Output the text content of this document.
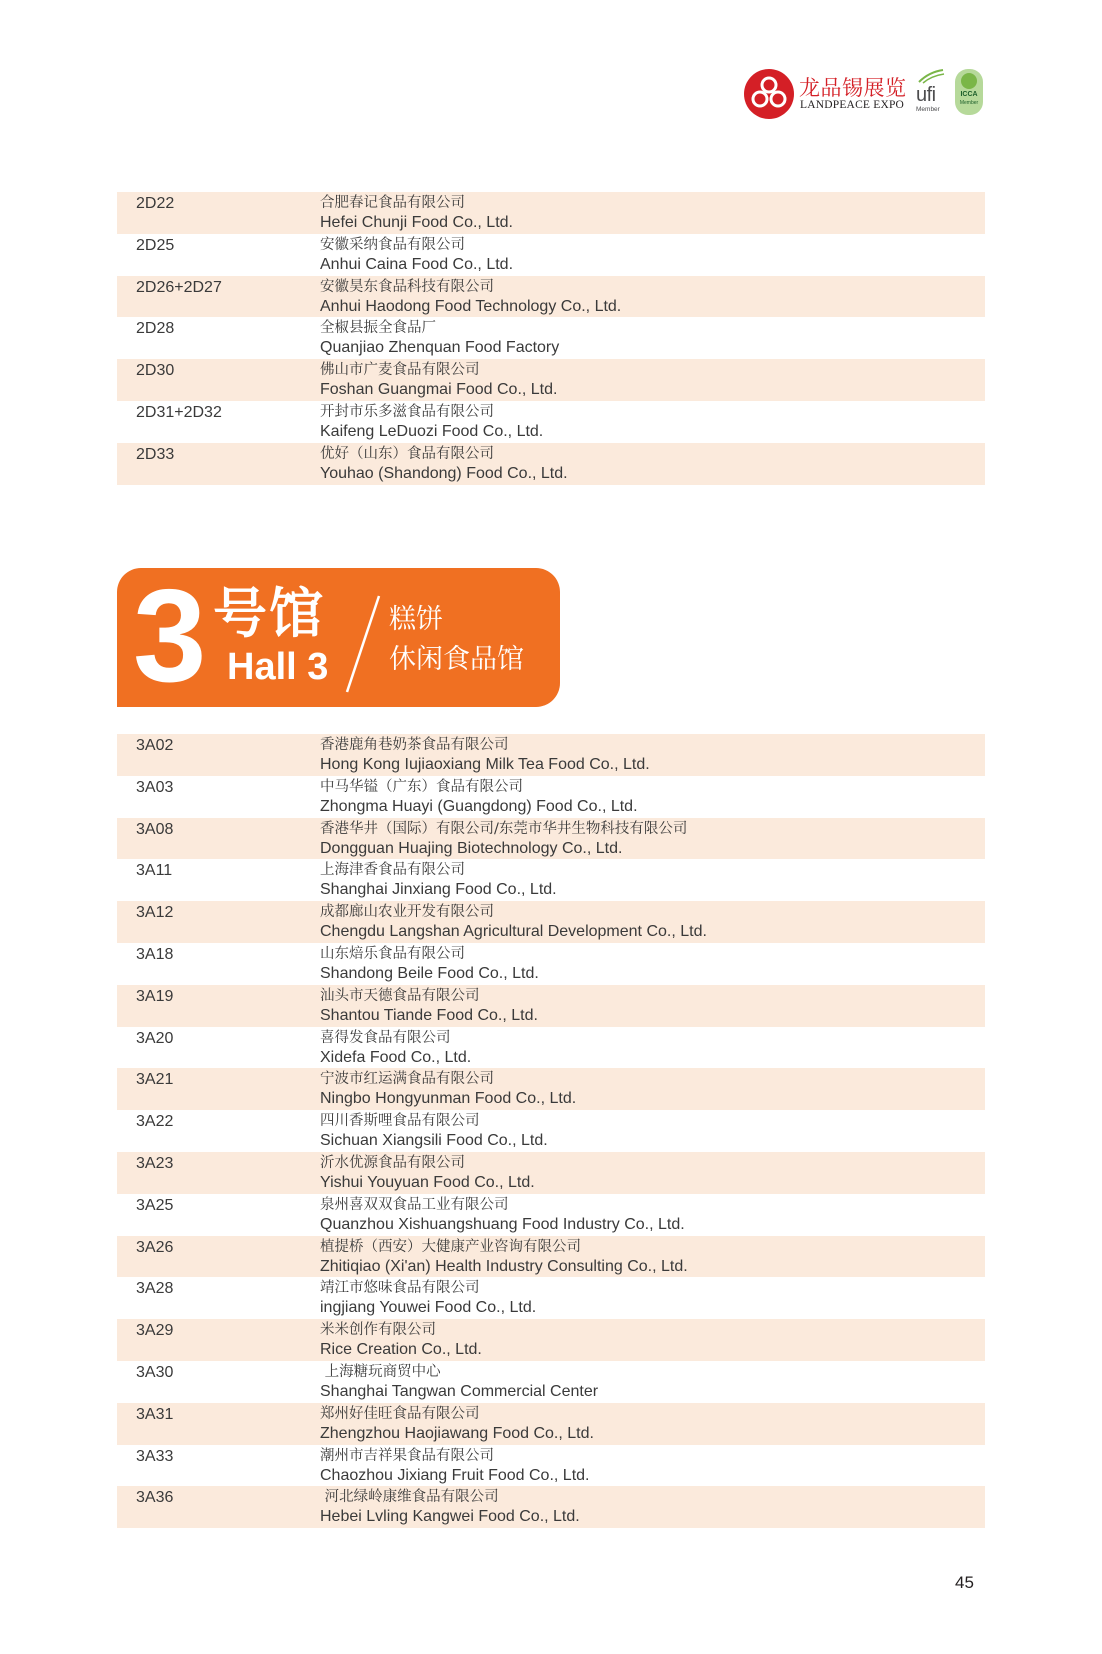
龙品锡展览
LANDPEACE EXPO ufi
Member
ICCA
Member
2D22	合肥春记食品有限公司
Hefei Chunji Food Co., Ltd.
2D25	安徽采纳食品有限公司
Anhui Caina Food Co., Ltd.
2D26+2D27	安徽昊东食品科技有限公司
Anhui Haodong Food Technology Co., Ltd.
2D28	全椒县振全食品厂
Quanjiao Zhenquan Food Factory
2D30	佛山市广麦食品有限公司
Foshan Guangmai Food Co., Ltd.
2D31+2D32	开封市乐多滋食品有限公司
Kaifeng LeDuozi Food Co., Ltd.
2D33	优好（山东）食品有限公司
Youhao (Shandong) Food Co., Ltd.
3 号馆
Hall 3
糕饼
休闲食品馆
3A02	香港鹿角巷奶茶食品有限公司
Hong Kong Iujiaoxiang Milk Tea Food Co., Ltd.
3A03	中马华镒（广东）食品有限公司
Zhongma Huayi (Guangdong) Food Co., Ltd.
3A08	香港华井（国际）有限公司/东莞市华井生物科技有限公司
Dongguan Huajing Biotechnology Co., Ltd.
3A11	上海津香食品有限公司
Shanghai Jinxiang Food Co., Ltd.
3A12	成都廊山农业开发有限公司
Chengdu Langshan Agricultural Development Co., Ltd.
3A18	山东焙乐食品有限公司
Shandong Beile Food Co., Ltd.
3A19	汕头市天德食品有限公司
Shantou Tiande Food Co., Ltd.
3A20	喜得发食品有限公司
Xidefa Food Co., Ltd.
3A21	宁波市红运满食品有限公司
Ningbo Hongyunman Food Co., Ltd.
3A22	四川香斯哩食品有限公司
Sichuan Xiangsili Food Co., Ltd.
3A23	沂水优源食品有限公司
Yishui Youyuan Food Co., Ltd.
3A25	泉州喜双双食品工业有限公司
Quanzhou Xishuangshuang Food Industry Co., Ltd.
3A26	植提桥（西安）大健康产业咨询有限公司
Zhitiqiao (Xi'an) Health Industry Consulting Co., Ltd.
3A28	靖江市悠味食品有限公司
ingjiang Youwei Food Co., Ltd.
3A29	米米创作有限公司
Rice Creation Co., Ltd.
3A30	上海糖玩商贸中心
Shanghai Tangwan Commercial Center
3A31	郑州好佳旺食品有限公司
Zhengzhou Haojiawang Food Co., Ltd.
3A33	潮州市吉祥果食品有限公司
Chaozhou Jixiang Fruit Food Co., Ltd.
3A36	河北绿岭康维食品有限公司
Hebei Lvling Kangwei Food Co., Ltd.
45
